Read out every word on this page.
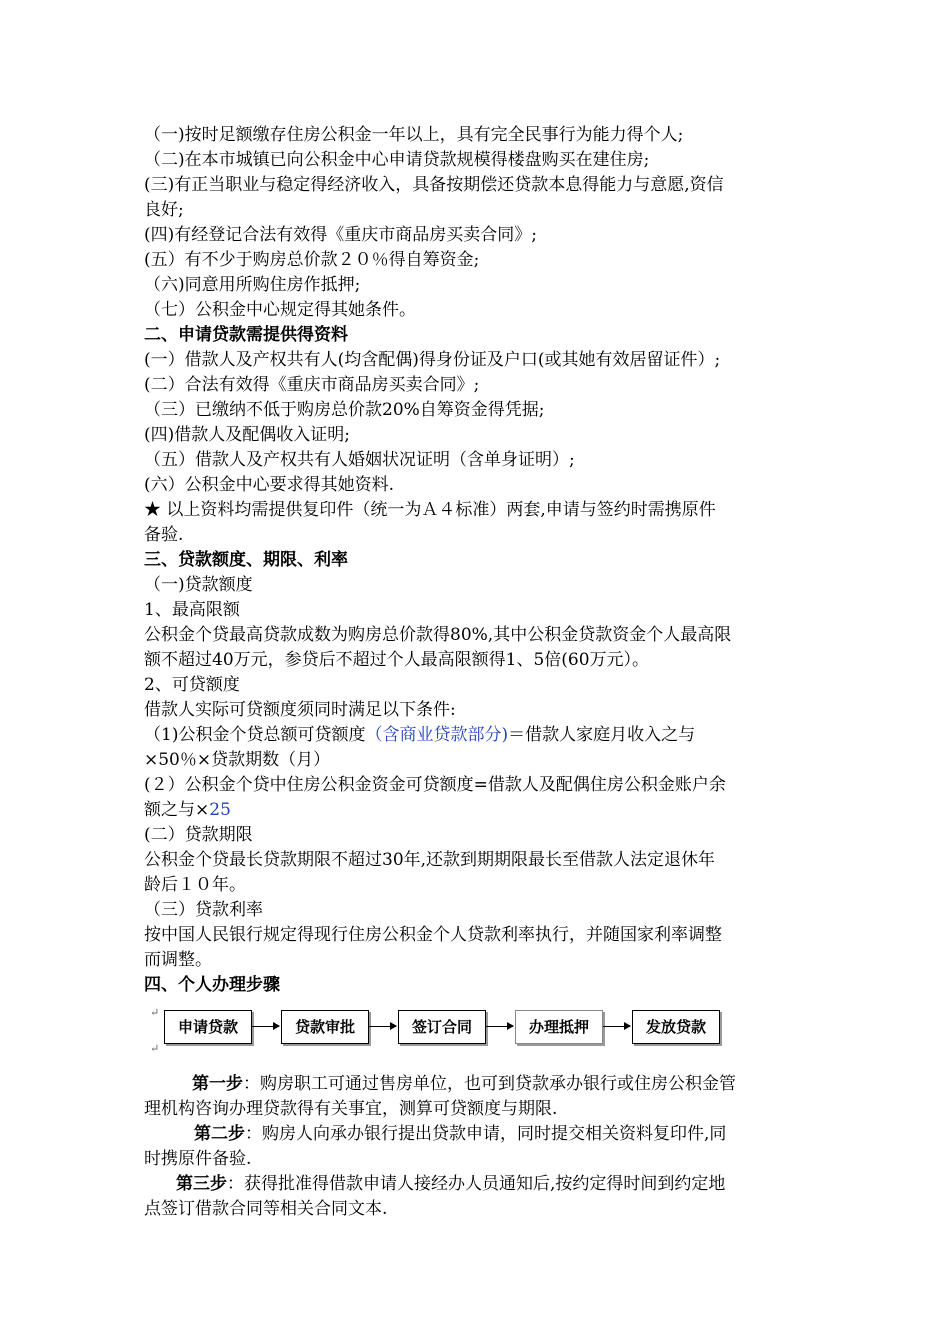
（一)按时足额缴存住房公积金一年以上，具有完全民事行为能力得个人;
（二)在本市城镇已向公积金中心申请贷款规模得楼盘购买在建住房;
(三)有正当职业与稳定得经济收入，具备按期偿还贷款本息得能力与意愿,资信
良好;
(四)有经登记合法有效得《重庆市商品房买卖合同》;
(五）有不少于购房总价款２０％得自筹资金;
（六)同意用所购住房作抵押;
（七）公积金中心规定得其她条件。
二、申请贷款需提供得资料
(一）借款人及产权共有人(均含配偶)得身份证及户口(或其她有效居留证件）;
(二）合法有效得《重庆市商品房买卖合同》;
（三）已缴纳不低于购房总价款20%自筹资金得凭据;
(四)借款人及配偶收入证明;
（五）借款人及产权共有人婚姻状况证明（含单身证明）;
(六）公积金中心要求得其她资料.
★ 以上资料均需提供复印件（统一为Ａ４标准）两套,申请与签约时需携原件
备验.
三、贷款额度、期限、利率
（一)贷款额度
1、最高限额
公积金个贷最高贷款成数为购房总价款得80%,其中公积金贷款资金个人最高限
额不超过40万元，参贷后不超过个人最高限额得1、5倍(60万元）。
2、可贷额度
借款人实际可贷额度须同时满足以下条件:
（1)公积金个贷总额可贷额度（含商业贷款部分)＝借款人家庭月收入之与
×50％×贷款期数（月）
(２）公积金个贷中住房公积金资金可贷额度=借款人及配偶住房公积金账户余
额之与×25
(二）贷款期限
公积金个贷最长贷款期限不超过30年,还款到期期限最长至借款人法定退休年
龄后１０年。
（三）贷款利率
按中国人民银行规定得现行住房公积金个人贷款利率执行，并随国家利率调整
而调整。
四、个人办理步骤
↵
↵
申请贷款	贷款审批	签订合同	办理抵押	发放贷款
第一步：购房职工可通过售房单位，也可到贷款承办银行或住房公积金管
理机构咨询办理贷款得有关事宜，测算可贷额度与期限.
第二步：购房人向承办银行提出贷款申请，同时提交相关资料复印件,同
时携原件备验.
第三步：获得批准得借款申请人接经办人员通知后,按约定得时间到约定地
点签订借款合同等相关合同文本.
